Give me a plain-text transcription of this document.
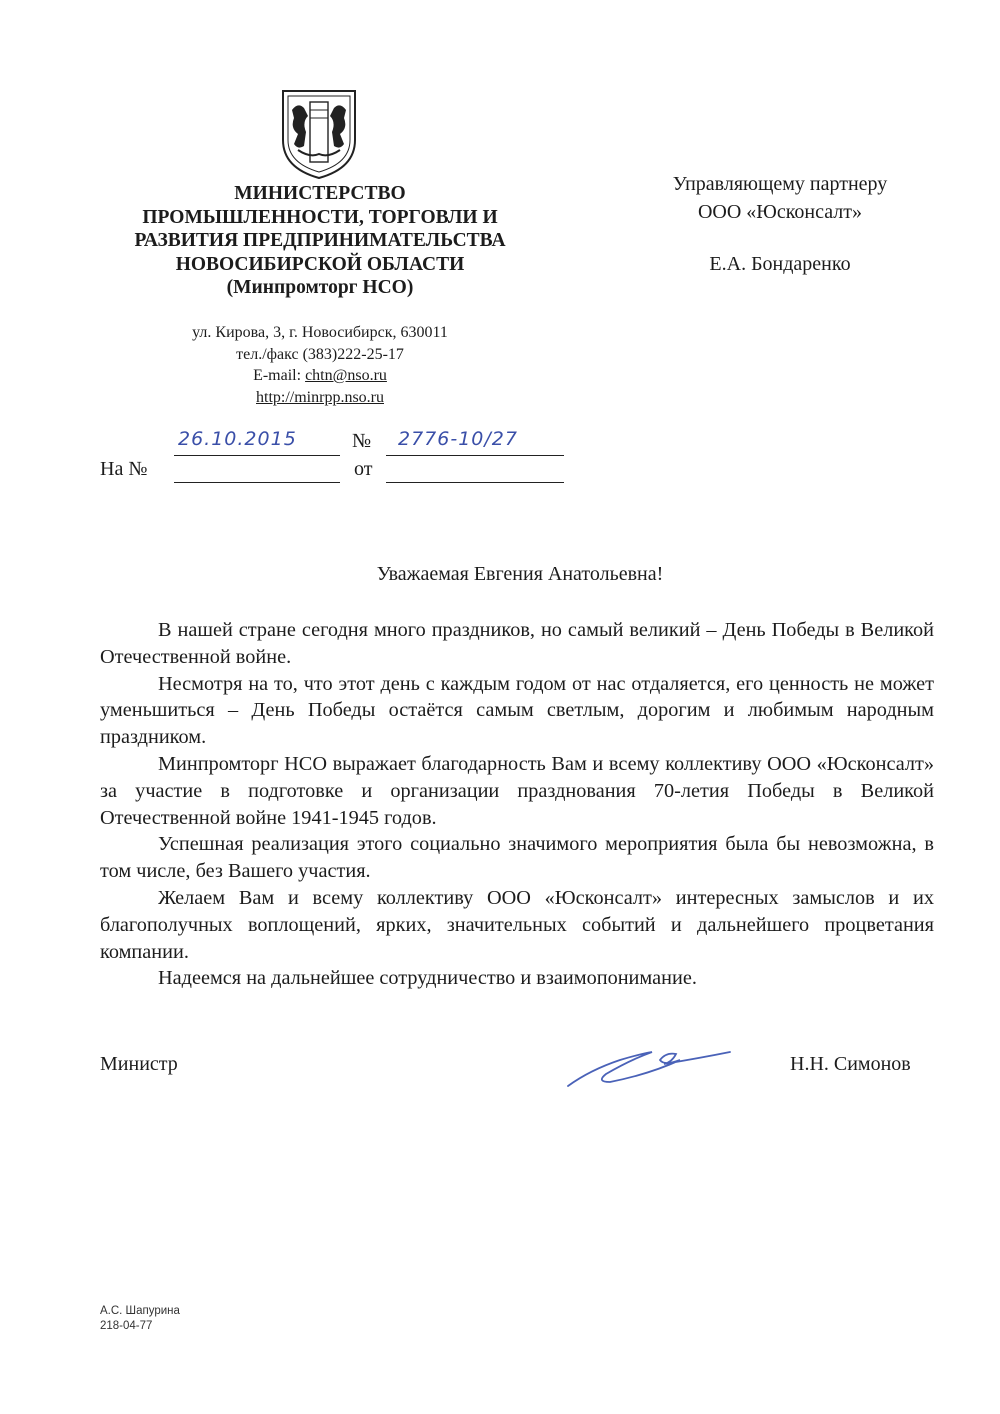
МИНИСТЕРСТВО
ПРОМЫШЛЕННОСТИ, ТОРГОВЛИ И
РАЗВИТИЯ ПРЕДПРИНИМАТЕЛЬСТВА
НОВОСИБИРСКОЙ ОБЛАСТИ
(Минпромторг НСО)
ул. Кирова, 3, г. Новосибирск, 630011
тел./факс (383)222-25-17
E-mail: chtn@nso.ru
http://minrpp.nso.ru
Управляющему партнеру
ООО «Юсконсалт»
Е.А. Бондаренко
26.10.2015	№ 2776-10/27
На №	от
Уважаемая Евгения Анатольевна!

В нашей стране сегодня много праздников, но самый великий – День Победы в Великой Отечественной войне.

Несмотря на то, что этот день с каждым годом от нас отдаляется, его ценность не может уменьшиться – День Победы остаётся самым светлым, дорогим и любимым народным праздником.

Минпромторг НСО выражает благодарность Вам и всему коллективу ООО «Юсконсалт» за участие в подготовке и организации празднования 70-летия Победы в Великой Отечественной войне 1941-1945 годов.

Успешная реализация этого социально значимого мероприятия была бы невозможна, в том числе, без Вашего участия.

Желаем Вам и всему коллективу ООО «Юсконсалт» интересных замыслов и их благополучных воплощений, ярких, значительных событий и дальнейшего процветания компании.

Надеемся на дальнейшее сотрудничество и взаимопонимание.

Министр	Н.Н. Симонов
А.С. Шапурина
218-04-77
